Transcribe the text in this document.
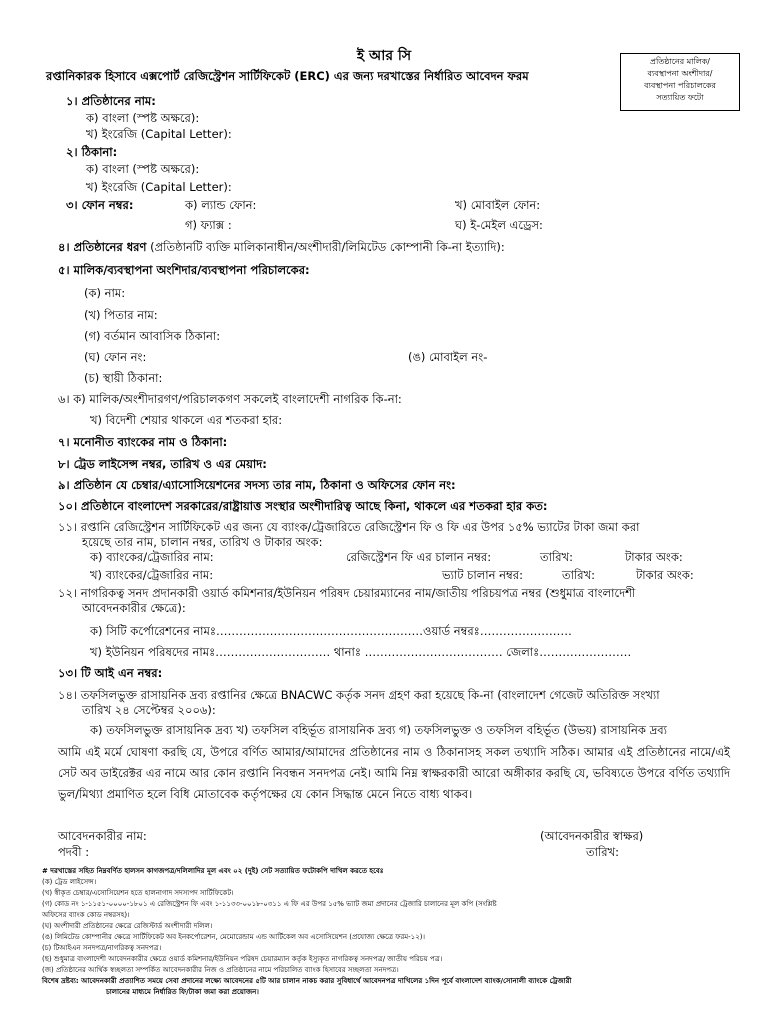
ই আর সি
রপ্তানিকারক হিসাবে এক্সপোর্ট রেজিস্ট্রেশন সার্টিফিকেট (ERC) এর জন্য দরখাস্তের নির্ধারিত আবেদন ফরম
প্রতিষ্ঠানের মালিক/
ব্যবস্থাপনা অংশীদার/
ব্যবস্থাপনা পরিচালকের
সত্যায়িত ফটো
১। প্রতিষ্ঠানের নাম:
ক) বাংলা (স্পষ্ট অক্ষরে):
খ) ইংরেজি (Capital Letter):
২। ঠিকানা:
ক) বাংলা (স্পষ্ট অক্ষরে):
খ) ইংরেজি (Capital Letter):
৩। ফোন নম্বর:	ক) ল্যান্ড ফোন:	খ) মোবাইল ফোন:
গ) ফ্যাক্স :	ঘ) ই-মেইল এড্রেস:
৪। প্রতিষ্ঠানের ধরণ (প্রতিষ্ঠানটি ব্যক্তি মালিকানাধীন/অংশীদারী/লিমিটেড কোম্পানী কি-না ইত্যাদি):
৫। মালিক/ব্যবস্থাপনা অংশিদার/ব্যবস্থাপনা পরিচালকের:
(ক) নাম:
(খ) পিতার নাম:
(গ) বর্তমান আবাসিক ঠিকানা:
(ঘ) ফোন নং:	(ঙ) মোবাইল নং-
(চ) স্থায়ী ঠিকানা:
৬। ক) মালিক/অংশীদারগণ/পরিচালকগণ সকলেই বাংলাদেশী নাগরিক কি-না:
খ) বিদেশী শেয়ার থাকলে এর শতকরা হার:
৭। মনোনীত ব্যাংকের নাম ও ঠিকানা:
৮। ট্রেড লাইসেন্স নম্বর, তারিখ ও এর মেয়াদ:
৯। প্রতিষ্ঠান যে চেম্বার/এ্যাসোসিয়েশনের সদস্য তার নাম, ঠিকানা ও অফিসের ফোন নং:
১০। প্রতিষ্ঠানে বাংলাদেশ সরকারের/রাষ্ট্রায়াত্ত সংস্থার অংশীদারিত্ব আছে কিনা, থাকলে এর শতকরা হার কত:
১১। রপ্তানি রেজিস্ট্রেশন সার্টিফিকেট এর জন্য যে ব্যাংক/ট্রেজারিতে রেজিস্ট্রেশন ফি ও ফি এর উপর ১৫% ভ্যাটের টাকা জমা করা
হয়েছে তার নাম, চালান নম্বর, তারিখ ও টাকার অংক:
ক) ব্যাংকের/ট্রেজারির নাম:	রেজিস্ট্রেশন ফি এর চালান নম্বর:	তারিখ:	টাকার অংক:
খ) ব্যাংকের/ট্রেজারির নাম:	ভ্যাট চালান নম্বর:	তারিখ:	টাকার অংক:
১২। নাগরিকত্ব সনদ প্রদানকারী ওয়ার্ড কমিশনার/ইউনিয়ন পরিষদ চেয়ারম্যানের নাম/জাতীয় পরিচয়পত্র নম্বর (শুধুমাত্র বাংলাদেশী
আবেদনকারীর ক্ষেত্রে):
ক) সিটি কর্পোরেশনের নামঃ………………………………………………ওয়ার্ড নম্বরঃ……………………
খ) ইউনিয়ন পরিষদের নামঃ………………………… থানাঃ ……………………………… জেলাঃ……………………
১৩। টি আই এন নম্বর:
১৪। তফসিলভুক্ত রাসায়নিক দ্রব্য রপ্তানির ক্ষেত্রে BNACWC কর্তৃক সনদ গ্রহণ করা হয়েছে কি-না (বাংলাদেশ গেজেট অতিরিক্ত সংখ্যা
তারিখ ২৪ সেপ্টেম্বর ২০০৬):
ক) তফসিলভুক্ত রাসায়নিক দ্রব্য খ) তফসিল বহির্ভূত রাসায়নিক দ্রব্য গ) তফসিলভুক্ত ও তফসিল বহির্ভূত (উভয়) রাসায়নিক দ্রব্য
আমি এই মর্মে ঘোষণা করছি যে, উপরে বর্ণিত আমার/আমাদের প্রতিষ্ঠানের নাম ও ঠিকানাসহ সকল তথ্যাদি সঠিক। আমার এই প্রতিষ্ঠানের নামে/এই সেট অব ডাইরেক্টর এর নামে আর কোন রপ্তানি নিবন্ধন সনদপত্র নেই। আমি নিম্ন স্বাক্ষরকারী আরো অঙ্গীকার করছি যে, ভবিষ্যতে উপরে বর্ণিত তথ্যাদি ভুল/মিথ্যা প্রমাণিত হলে বিধি মোতাবেক কর্তৃপক্ষের যে কোন সিদ্ধান্ত মেনে নিতে বাধ্য থাকব।
আবেদনকারীর নাম:
পদবী :
(আবেদনকারীর স্বাক্ষর)
তারিখ:
# দরখাস্তের সহিত নিম্নবর্ণিত হালসন কাগজপত্র/দলিলাদির মূল এবং ০২ (দুই) সেট সত্যায়িত ফটোকপি দাখিল করতে হবেঃ
(ক) ট্রেড লাইসেন্স।
(খ) স্বীকৃত চেম্বার/এসোসিয়েশন হতে হালনাগাদ সদস্যপদ সার্টিফিকেট।
(গ) কোড নং ১-১১৫১-০০০০-১৮০১ এ রেজিস্ট্রেশন ফি এবং ১-১১৩৩-০০১৮-০৩১১ এ ফি এর উপর ১৫% ভ্যাট জমা প্রদানের ট্রেজারি চালানের মূল কপি (সংশ্লিষ্ট
অফিসের ব্যাংক কোড নম্বরসহ)।
(ঘ) অংশীদারী প্রতিষ্ঠানের ক্ষেত্রে রেজিস্টার্ড অংশীদারী দলিল।
(ঙ) লিমিটেড কোম্পানীর ক্ষেত্রে সার্টিফিকেট অব ইনকর্পোরেশন, মেমোরেন্ডাম এন্ড আর্টিকেল অব এসোসিয়েশন (প্রযোজ্য ক্ষেত্রে ফরম-১২)।
(চ) টিআইএন সনদপত্র/নাগরিকত্ব সনদপত্র।
(ছ) শুধুমাত্র বাংলাদেশী আবেদনকারীর ক্ষেত্রে ওয়ার্ড কমিশনার/ইউনিয়ন পরিষদ চেয়ারম্যান কর্তৃক ইস্যুকৃত নাগরিকত্ব সনদপত্র/ জাতীয় পরিচয় পত্র।
(জ) প্রতিষ্ঠানের আর্থিক স্বচ্ছলতা সম্পর্কিত আবেদনকারীর নিজ ও প্রতিষ্ঠানের নামে পরিচালিত ব্যাংক হিসাবের সচ্ছলতা সনদপত্র।
বিশেষ দ্রষ্টব্য: আবেদনকারী প্রত্যাশিত সময়ে সেবা প্রদানের লক্ষ্যে আবেদনের ৫টি আর চালান নাকচ করার সুবিধার্থে আবেদনপত্র দাখিলের ১দিন পূর্বে বাংলাদেশ ব্যাংক/সোনালী ব্যাংকে ট্রেজারী
চালানের মাধ্যমে নির্ধারিত ফি/টাকা জমা করা প্রয়োজন।
